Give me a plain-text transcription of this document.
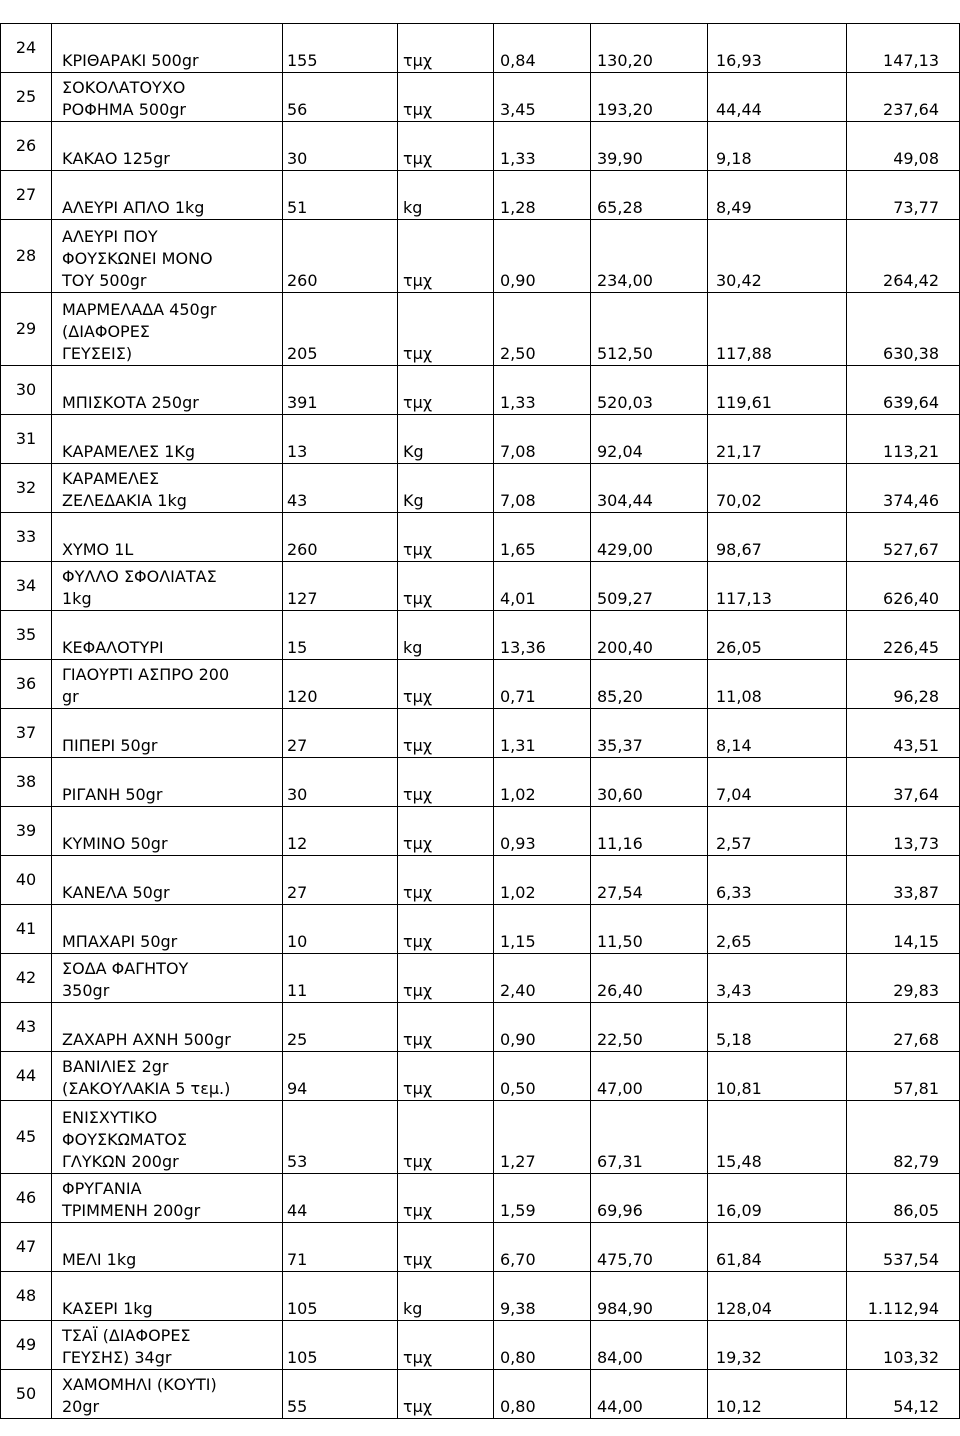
24	ΚΡΙΘΑΡΑΚΙ 500gr	155	τμχ	0,84	130,20	16,93	147,13
25	ΣΟΚΟΛΑΤΟΥΧΟ
ΡΟΦΗΜΑ 500gr	56	τμχ	3,45	193,20	44,44	237,64
26	ΚΑΚΑΟ 125gr	30	τμχ	1,33	39,90	9,18	49,08
27	ΑΛΕΥΡΙ ΑΠΛΟ 1kg	51	kg	1,28	65,28	8,49	73,77
28	ΑΛΕΥΡΙ ΠΟΥ
ΦΟΥΣΚΩΝΕΙ ΜΟΝΟ
ΤΟΥ 500gr	260	τμχ	0,90	234,00	30,42	264,42
29	ΜΑΡΜΕΛΑΔΑ 450gr
(ΔΙΑΦΟΡΕΣ
ΓΕΥΣΕΙΣ)	205	τμχ	2,50	512,50	117,88	630,38
30	ΜΠΙΣΚΟΤΑ 250gr	391	τμχ	1,33	520,03	119,61	639,64
31	ΚΑΡΑΜΕΛΕΣ 1Kg	13	Kg	7,08	92,04	21,17	113,21
32	ΚΑΡΑΜΕΛΕΣ
ΖΕΛΕΔΑΚΙΑ 1kg	43	Kg	7,08	304,44	70,02	374,46
33	ΧΥΜΟ 1L	260	τμχ	1,65	429,00	98,67	527,67
34	ΦΥΛΛΟ ΣΦΟΛΙΑΤΑΣ
1kg	127	τμχ	4,01	509,27	117,13	626,40
35	ΚΕΦΑΛΟΤΥΡΙ	15	kg	13,36	200,40	26,05	226,45
36	ΓΙΑΟΥΡΤΙ ΑΣΠΡΟ 200
gr	120	τμχ	0,71	85,20	11,08	96,28
37	ΠΙΠΕΡΙ 50gr	27	τμχ	1,31	35,37	8,14	43,51
38	ΡΙΓΑΝΗ 50gr	30	τμχ	1,02	30,60	7,04	37,64
39	ΚΥΜΙΝΟ 50gr	12	τμχ	0,93	11,16	2,57	13,73
40	ΚΑΝΕΛΑ 50gr	27	τμχ	1,02	27,54	6,33	33,87
41	ΜΠΑΧΑΡΙ 50gr	10	τμχ	1,15	11,50	2,65	14,15
42	ΣΟΔΑ ΦΑΓΗΤΟΥ
350gr	11	τμχ	2,40	26,40	3,43	29,83
43	ΖΑΧΑΡΗ ΑΧΝΗ 500gr	25	τμχ	0,90	22,50	5,18	27,68
44	ΒΑΝΙΛΙΕΣ 2gr
(ΣΑΚΟΥΛΑΚΙΑ 5 τεμ.)	94	τμχ	0,50	47,00	10,81	57,81
45	ΕΝΙΣΧΥΤΙΚΟ
ΦΟΥΣΚΩΜΑΤΟΣ
ΓΛΥΚΩΝ 200gr	53	τμχ	1,27	67,31	15,48	82,79
46	ΦΡΥΓΑΝΙΑ
ΤΡΙΜΜΕΝΗ 200gr	44	τμχ	1,59	69,96	16,09	86,05
47	ΜΕΛΙ 1kg	71	τμχ	6,70	475,70	61,84	537,54
48	ΚΑΣΕΡΙ 1kg	105	kg	9,38	984,90	128,04	1.112,94
49	ΤΣΑΪ (ΔΙΑΦΟΡΕΣ
ΓΕΥΣΗΣ) 34gr	105	τμχ	0,80	84,00	19,32	103,32
50	ΧΑΜΟΜΗΛΙ (ΚΟΥΤΙ)
20gr	55	τμχ	0,80	44,00	10,12	54,12
